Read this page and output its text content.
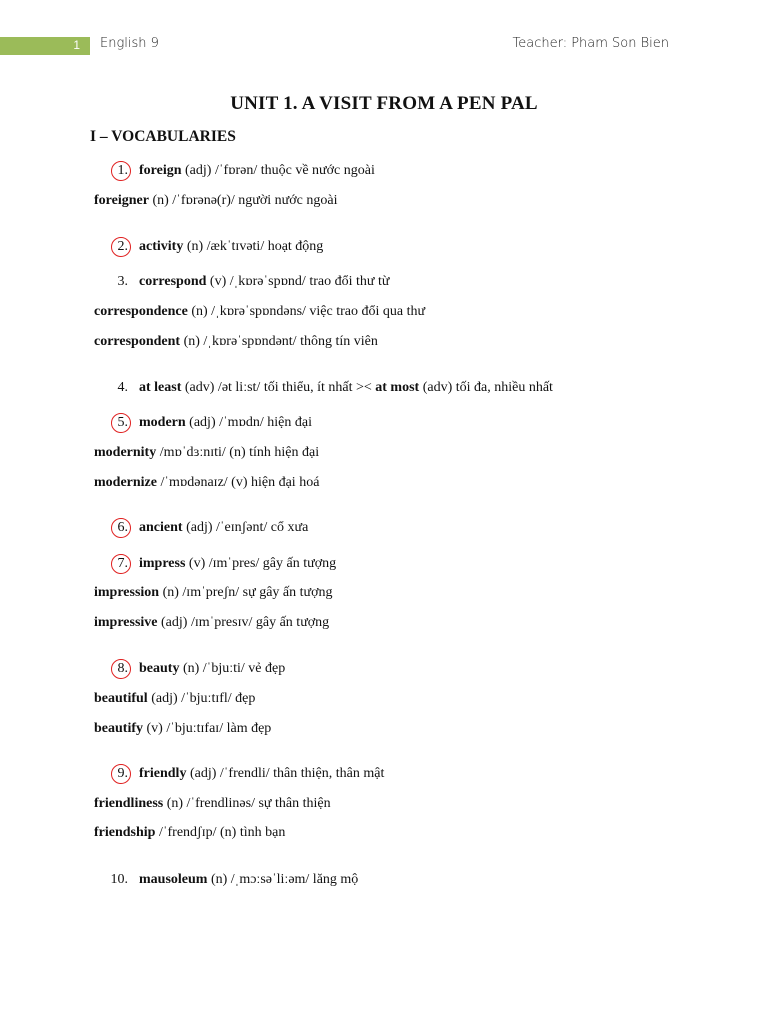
1 English 9	Teacher: Pham Son Bien
UNIT 1. A VISIT FROM A PEN PAL
I – VOCABULARIES
1. foreign (adj) /ˈfɒrən/ thuộc về nước ngoài
foreigner (n) /ˈfɒrənə(r)/ người nước ngoài
2. activity (n) /ækˈtɪvəti/ hoạt động
3. correspond (v) /ˌkɒrəˈspɒnd/ trao đổi thư từ
correspondence (n) /ˌkɒrəˈspɒndəns/ việc trao đổi qua thư
correspondent (n) /ˌkɒrəˈspɒndənt/ thông tín viên
4. at least (adv) /ət liːst/ tối thiểu, ít nhất >< at most (adv) tối đa, nhiều nhất
5. modern (adj) /ˈmɒdn/ hiện đại
modernity /mɒˈdɜːnɪti/ (n) tính hiện đại
modernize /ˈmɒdənaɪz/ (v) hiện đại hoá
6. ancient (adj) /ˈeɪnʃənt/ cổ xưa
7. impress (v) /ɪmˈpres/ gây ấn tượng
impression (n) /ɪmˈpreʃn/ sự gây ấn tượng
impressive (adj) /ɪmˈpresɪv/ gây ấn tượng
8. beauty (n) /ˈbjuːti/ vẻ đẹp
beautiful (adj) /ˈbjuːtɪfl/ đẹp
beautify (v) /ˈbjuːtɪfaɪ/ làm đẹp
9. friendly (adj) /ˈfrendli/ thân thiện, thân mật
friendliness (n) /ˈfrendlinəs/ sự thân thiện
friendship /ˈfrendʃɪp/ (n) tình bạn
10. mausoleum (n) /ˌmɔːsəˈliːəm/ lăng mộ
